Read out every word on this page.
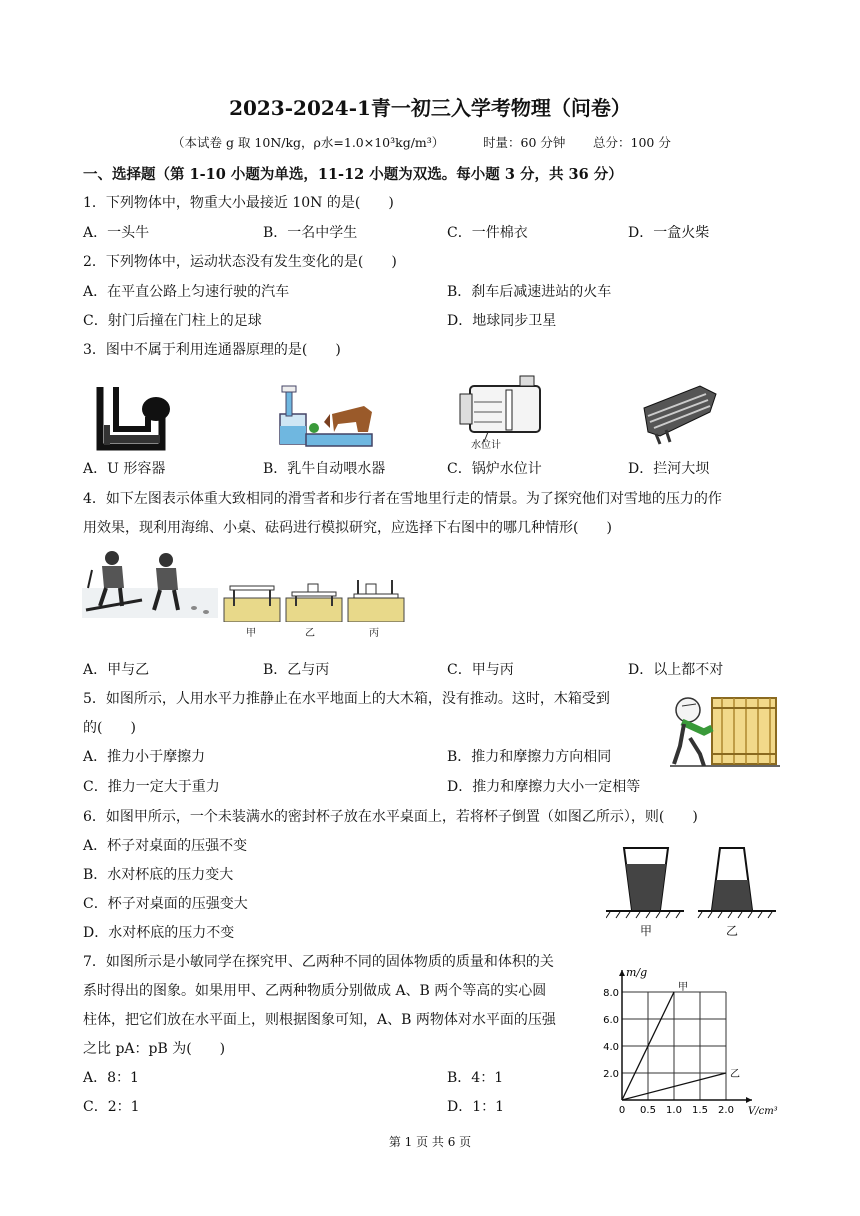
2023-2024-1青一初三入学考物理（问卷）
（本试卷 g 取 10N/kg，ρ水=1.0×10³kg/m³）	时量：60 分钟 总分：100 分
一、选择题（第 1-10 小题为单选，11-12 小题为双选。每小题 3 分，共 36 分）
1．下列物体中，物重大小最接近 10N 的是(　　)
A．一头牛	B．一名中学生	C．一件棉衣	D．一盒火柴
2．下列物体中，运动状态没有发生变化的是(　　)
A．在平直公路上匀速行驶的汽车	B．刹车后减速进站的火车
C．射门后撞在门柱上的足球	D．地球同步卫星
3．图中不属于利用连通器原理的是(　　)
水位计
A．U 形容器	B．乳牛自动喂水器	C．锅炉水位计	D．拦河大坝
4．如下左图表示体重大致相同的滑雪者和步行者在雪地里行走的情景。为了探究他们对雪地的压力的作
用效果，现利用海绵、小桌、砝码进行模拟研究，应选择下右图中的哪几种情形(　　)
甲	乙	丙
A．甲与乙	B．乙与丙	C．甲与丙	D．以上都不对
5．如图所示，人用水平力推静止在水平地面上的大木箱，没有推动。这时，木箱受到
的(　　)
A．推力小于摩擦力	B．推力和摩擦力方向相同
C．推力一定大于重力	D．推力和摩擦力大小一定相等
6．如图甲所示，一个未装满水的密封杯子放在水平桌面上，若将杯子倒置（如图乙所示），则(　　)
A．杯子对桌面的压强不变
B．水对杯底的压力变大
C．杯子对桌面的压强变大
D．水对杯底的压力不变	甲	乙
7．如图所示是小敏同学在探究甲、乙两种不同的固体物质的质量和体积的关
系时得出的图象。如果用甲、乙两种物质分别做成 A、B 两个等高的实心圆
柱体，把它们放在水平面上，则根据图象可知，A、B 两物体对水平面的压强
之比 pA：pB 为(　　)
A．8：1	B．4：1
C．2：1	D．1：1	0 0.5 1.0 1.5 2.0
2.0
4.0
6.0
8.0
V/cm³
m/g
甲
乙
第 1 页 共 6 页
